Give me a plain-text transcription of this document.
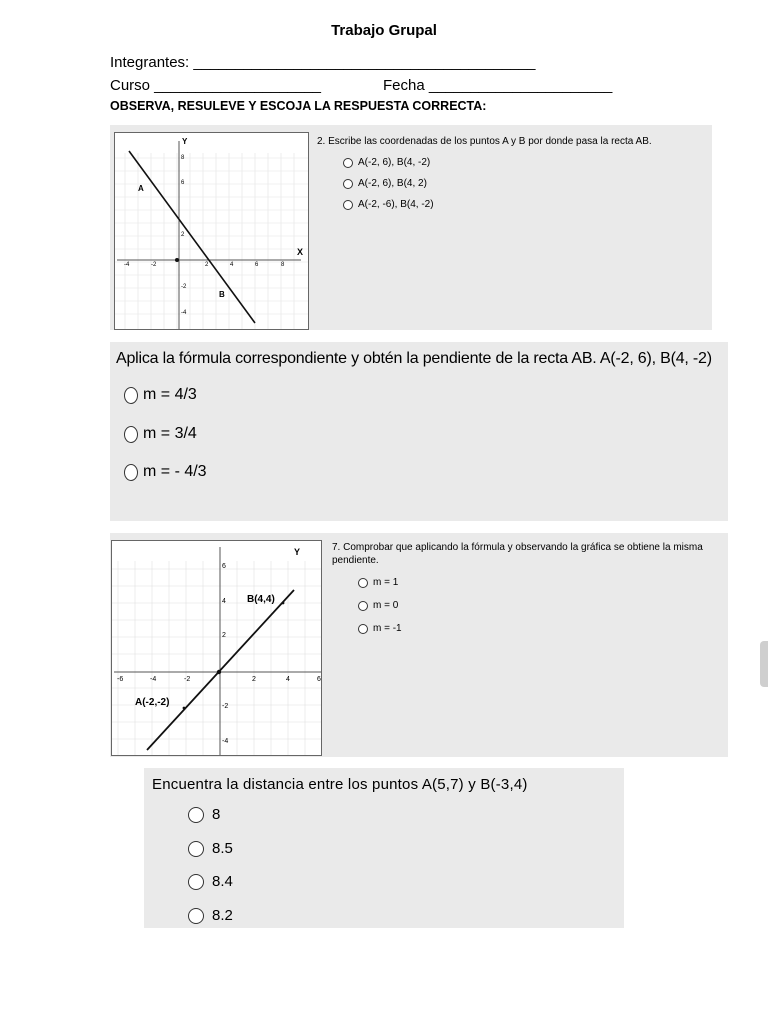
Trabajo Grupal
Integrantes: _________________________________________
Curso ____________________	Fecha ______________________
OBSERVA, RESULEVE Y ESCOJA LA RESPUESTA CORRECTA:
X
Y
-4	-2	2	4	6	8
8
6
2
-2
-4
A
B
2. Escribe las coordenadas de los puntos A y B por donde pasa la recta AB.
A(-2, 6), B(4, -2)
A(-2, 6), B(4, 2)
A(-2, -6), B(4, -2)
Aplica la fórmula correspondiente y obtén la pendiente de la recta AB. A(-2, 6), B(4, -2)
m = 4/3
m = 3/4
m = - 4/3
Y
-6	-4	-2	2	4	6
6
4
2
-2
-4
B(4,4)
A(-2,-2)
7. Comprobar que aplicando la fórmula y observando la gráfica se obtiene la misma pendiente.
m = 1
m = 0
m = -1
Encuentra la distancia entre los puntos A(5,7) y B(-3,4)
8
8.5
8.4
8.2
